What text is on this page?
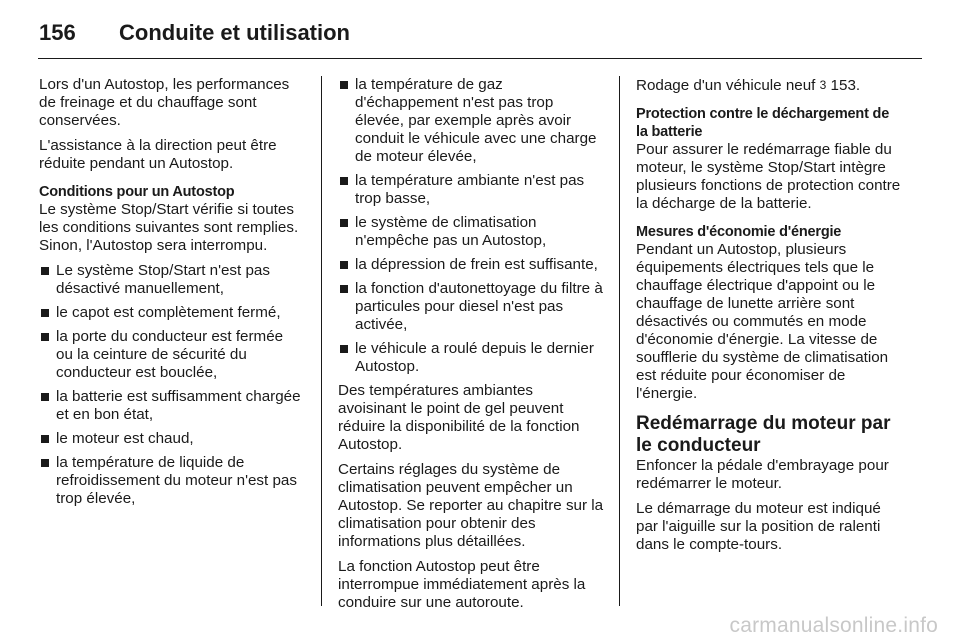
156	Conduite et utilisation

Lors d'un Autostop, les performances de freinage et du chauffage sont conservées.

L'assistance à la direction peut être réduite pendant un Autostop.

Conditions pour un Autostop

Le système Stop/Start vérifie si toutes les conditions suivantes sont remplies. Sinon, l'Autostop sera interrompu.

Le système Stop/Start n'est pas désactivé manuellement,
le capot est complètement fermé,
la porte du conducteur est fermée ou la ceinture de sécurité du conducteur est bouclée,
la batterie est suffisamment chargée et en bon état,
le moteur est chaud,
la température de liquide de refroidissement du moteur n'est pas trop élevée,
la température de gaz d'échappement n'est pas trop élevée, par exemple après avoir conduit le véhicule avec une charge de moteur élevée,
la température ambiante n'est pas trop basse,
le système de climatisation n'empêche pas un Autostop,
la dépression de frein est suffisante,
la fonction d'autonettoyage du filtre à particules pour diesel n'est pas activée,
le véhicule a roulé depuis le dernier Autostop.

Des températures ambiantes avoisinant le point de gel peuvent réduire la disponibilité de la fonction Autostop.

Certains réglages du système de climatisation peuvent empêcher un Autostop. Se reporter au chapitre sur la climatisation pour obtenir des informations plus détaillées.

La fonction Autostop peut être interrompue immédiatement après la conduire sur une autoroute.

Rodage d'un véhicule neuf 3 153.

Protection contre le déchargement de la batterie

Pour assurer le redémarrage fiable du moteur, le système Stop/Start intègre plusieurs fonctions de protection contre la décharge de la batterie.

Mesures d'économie d'énergie

Pendant un Autostop, plusieurs équipements électriques tels que le chauffage électrique d'appoint ou le chauffage de lunette arrière sont désactivés ou commutés en mode d'économie d'énergie. La vitesse de soufflerie du système de climatisation est réduite pour économiser de l'énergie.

Redémarrage du moteur par le conducteur

Enfoncer la pédale d'embrayage pour redémarrer le moteur.

Le démarrage du moteur est indiqué par l'aiguille sur la position de ralenti dans le compte-tours.

carmanualsonline.info
